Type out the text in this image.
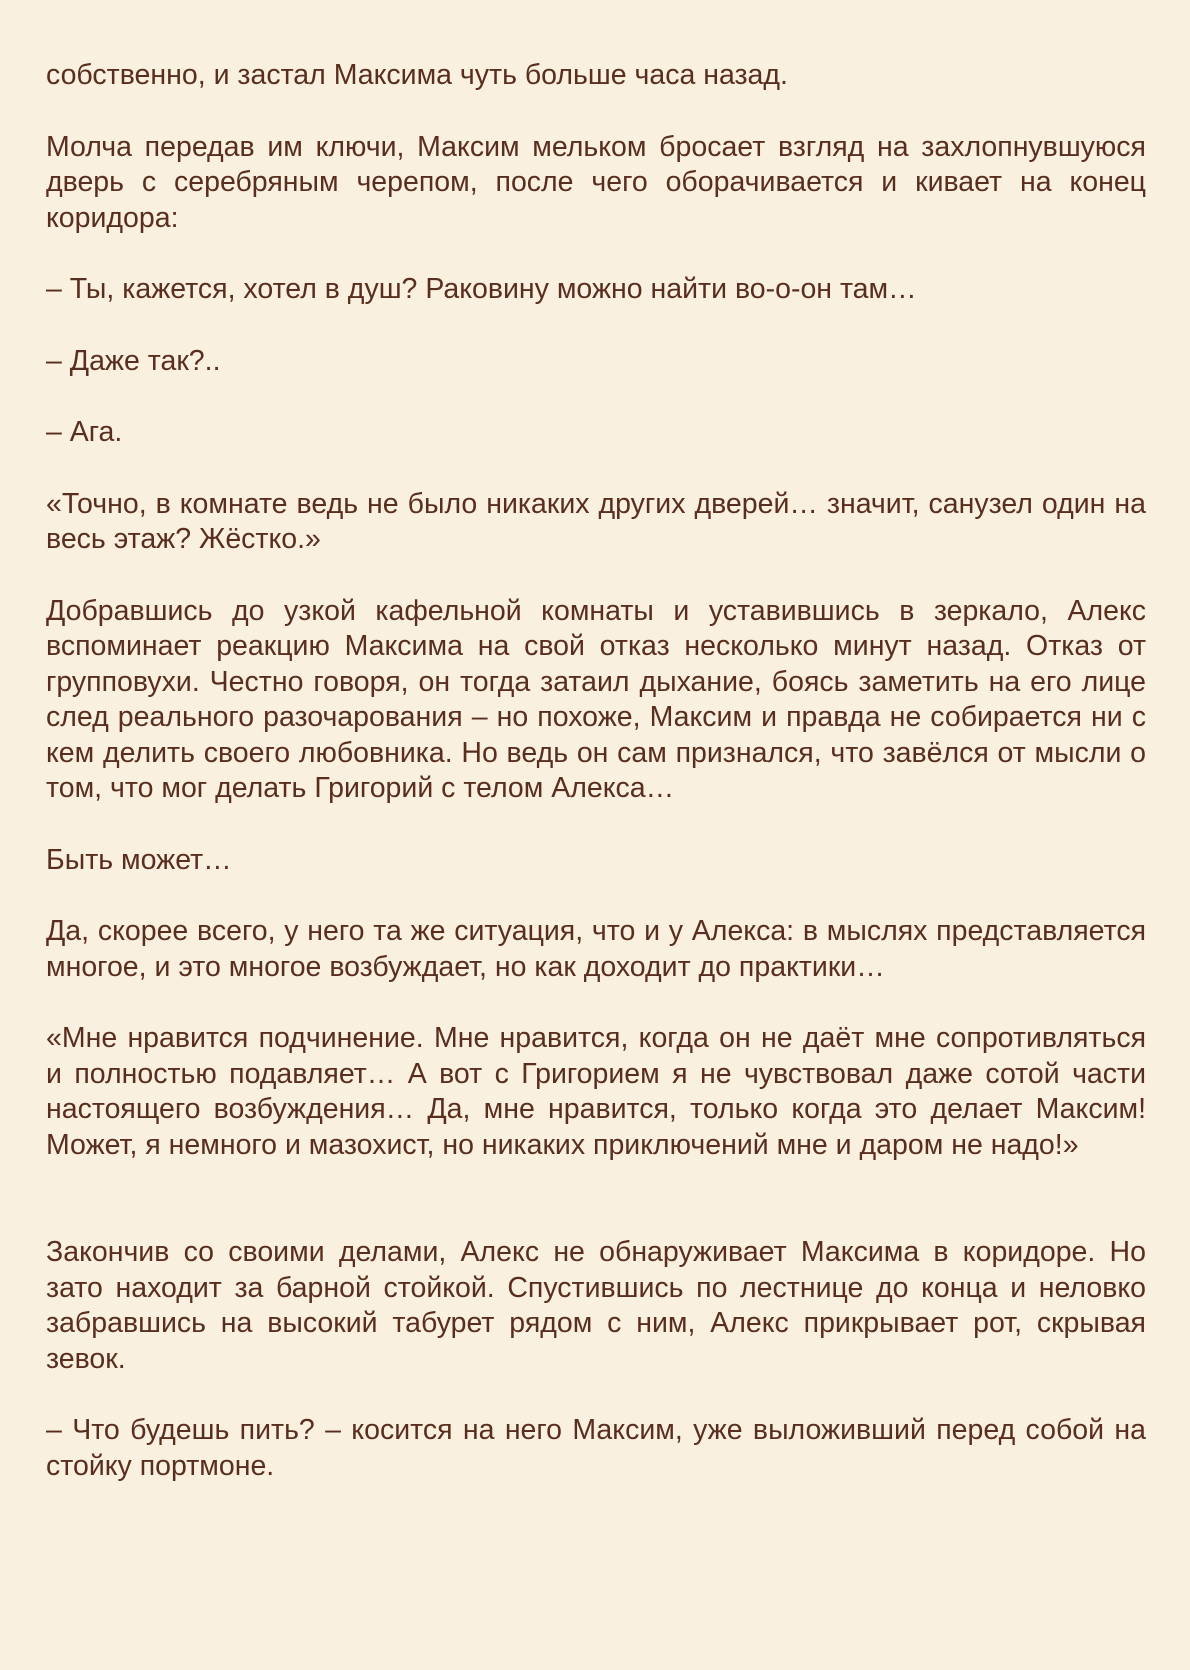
собственно, и застал Максима чуть больше часа назад.

Молча передав им ключи, Максим мельком бросает взгляд на захлопнувшуюся дверь с серебряным черепом, после чего оборачивается и кивает на конец коридора:

– Ты, кажется, хотел в душ? Раковину можно найти во-о-он там…

– Даже так?..

– Ага.

«Точно, в комнате ведь не было никаких других дверей… значит, санузел один на весь этаж? Жёстко.»

Добравшись до узкой кафельной комнаты и уставившись в зеркало, Алекс вспоминает реакцию Максима на свой отказ несколько минут назад. Отказ от групповухи. Честно говоря, он тогда затаил дыхание, боясь заметить на его лице след реального разочарования – но похоже, Максим и правда не собирается ни с кем делить своего любовника. Но ведь он сам признался, что завёлся от мысли о том, что мог делать Григорий с телом Алекса…

Быть может…

Да, скорее всего, у него та же ситуация, что и у Алекса: в мыслях представляется многое, и это многое возбуждает, но как доходит до практики…

«Мне нравится подчинение. Мне нравится, когда он не даёт мне сопротивляться и полностью подавляет… А вот с Григорием я не чувствовал даже сотой части настоящего возбуждения… Да, мне нравится, только когда это делает Максим! Может, я немного и мазохист, но никаких приключений мне и даром не надо!»

Закончив со своими делами, Алекс не обнаруживает Максима в коридоре. Но зато находит за барной стойкой. Спустившись по лестнице до конца и неловко забравшись на высокий табурет рядом с ним, Алекс прикрывает рот, скрывая зевок.

– Что будешь пить? – косится на него Максим, уже выложивший перед собой на стойку портмоне.
